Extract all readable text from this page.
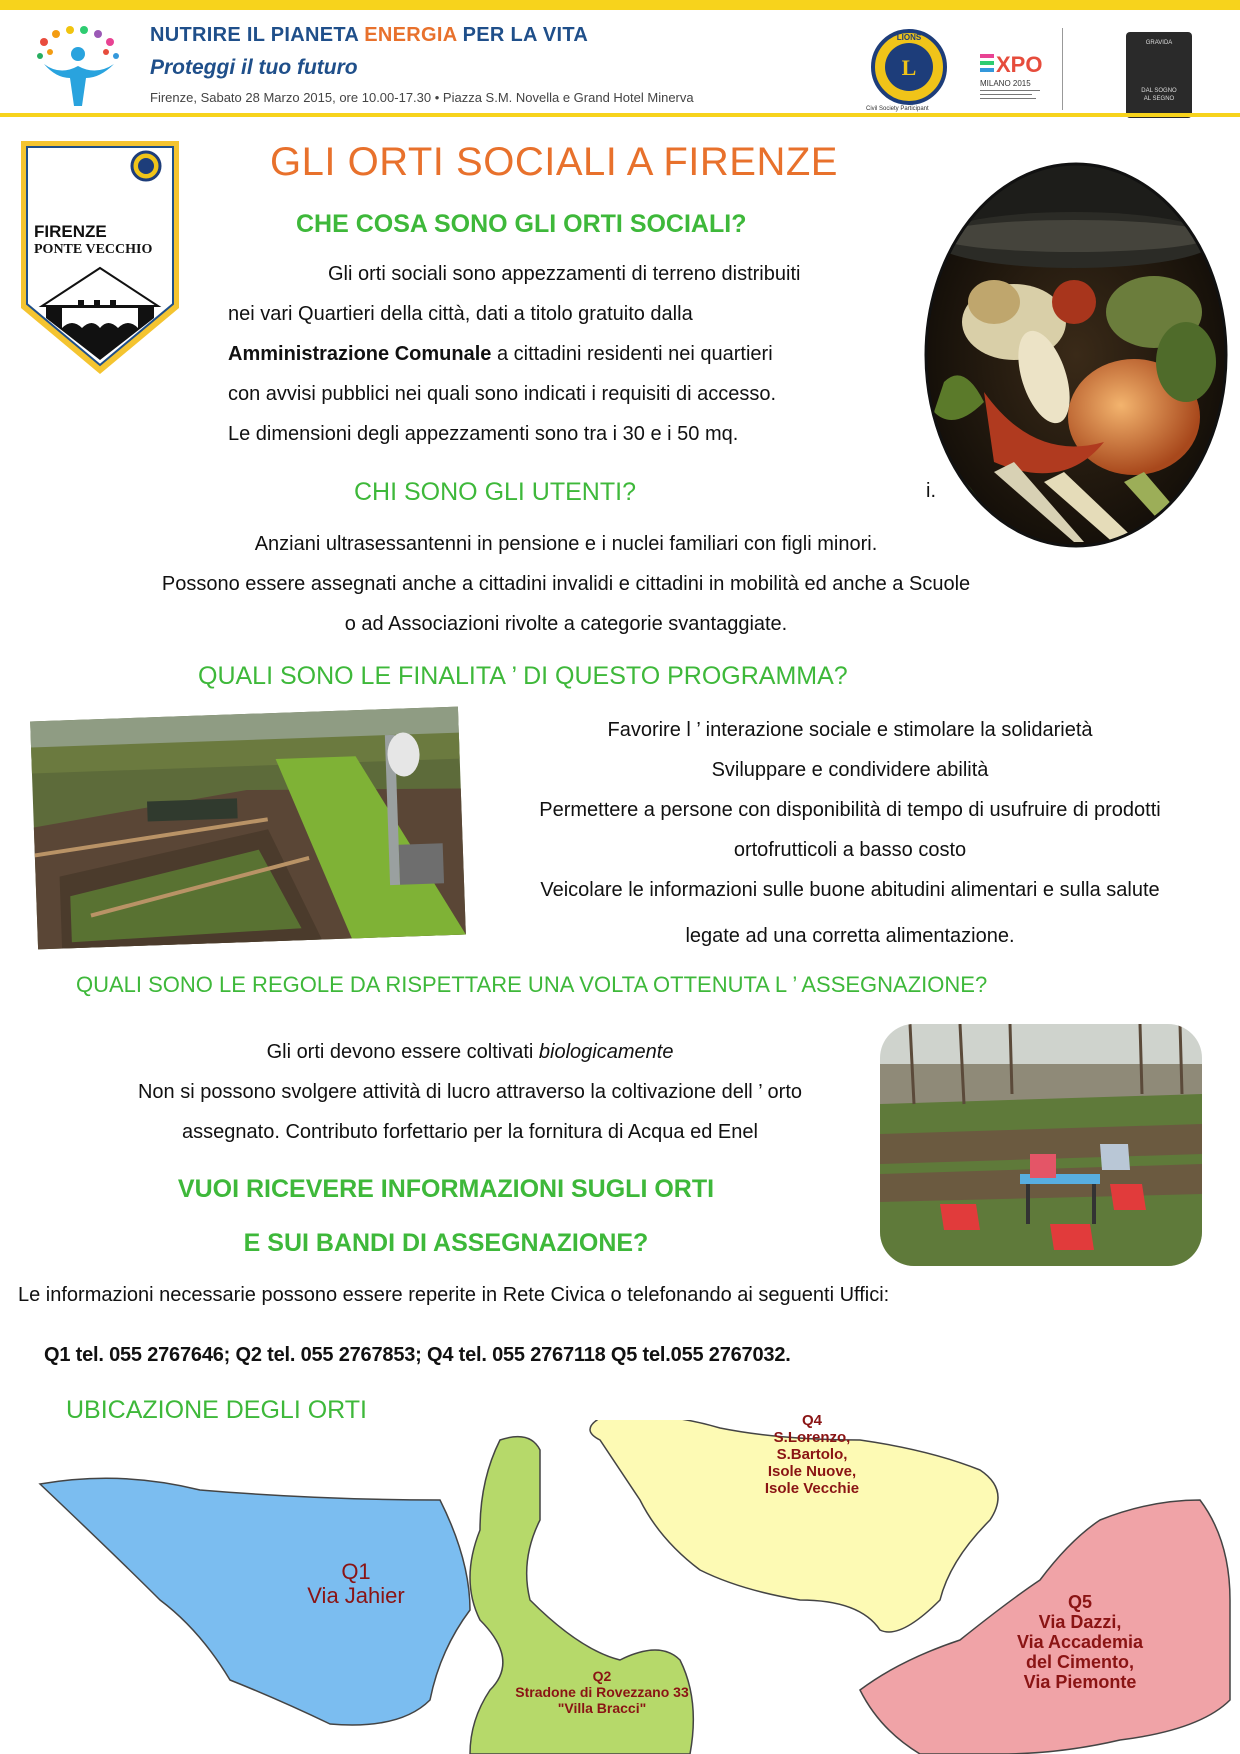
NUTRIRE IL PIANETA ENERGIA PER LA VITA
Proteggi il tuo futuro
Firenze, Sabato 28 Marzo 2015, ore 10.00-17.30 • Piazza S.M. Novella e Grand Hotel Minerva
L
LIONS
Civil Society Participant
XPO
MILANO 2015
GRAVIDA
DAL SOGNO
AL SEGNO
FIRENZE
PONTE VECCHIO
GLI ORTI SOCIALI A FIRENZE
CHE COSA SONO GLI ORTI SOCIALI?
Gli orti sociali sono appezzamenti di terreno distribuiti
nei vari Quartieri della città, dati a titolo gratuito dalla
Amministrazione Comunale a cittadini residenti nei quartieri
con avvisi pubblici nei quali sono indicati i requisiti di accesso.
Le dimensioni degli appezzamenti sono tra i 30 e i 50 mq.
CHI SONO GLI UTENTI?	i.
Anziani ultrasessantenni in pensione e i nuclei familiari con figli minori.
Possono essere assegnati anche a cittadini invalidi e cittadini in mobilità ed anche a Scuole
o ad Associazioni rivolte a categorie svantaggiate.
QUALI SONO LE FINALITA ’ DI QUESTO PROGRAMMA?
Favorire l ’ interazione sociale e stimolare la solidarietà
Sviluppare e condividere abilità
Permettere a persone con disponibilità di tempo di usufruire di prodotti
ortofrutticoli a basso costo
Veicolare le informazioni sulle buone abitudini alimentari e sulla salute
legate ad una corretta alimentazione.
QUALI SONO LE REGOLE DA RISPETTARE UNA VOLTA OTTENUTA L ’ ASSEGNAZIONE?
Gli orti devono essere coltivati biologicamente
Non si possono svolgere attività di lucro attraverso la coltivazione dell ’ orto
assegnato. Contributo forfettario per la fornitura di Acqua ed Enel
VUOI RICEVERE INFORMAZIONI SUGLI ORTI
E SUI BANDI DI ASSEGNAZIONE?
Le informazioni necessarie possono essere reperite in Rete Civica o telefonando ai seguenti Uffici:
Q1 tel. 055 2767646; Q2 tel. 055 2767853; Q4 tel. 055 2767118 Q5 tel.055 2767032.
UBICAZIONE DEGLI ORTI
Q1
Via Jahier
Q2
Stradone di Rovezzano 33
"Villa Bracci"
Q4
S.Lorenzo,
S.Bartolo,
Isole Nuove,
Isole Vecchie
Q5
Via Dazzi,
Via Accademia
del Cimento,
Via Piemonte
